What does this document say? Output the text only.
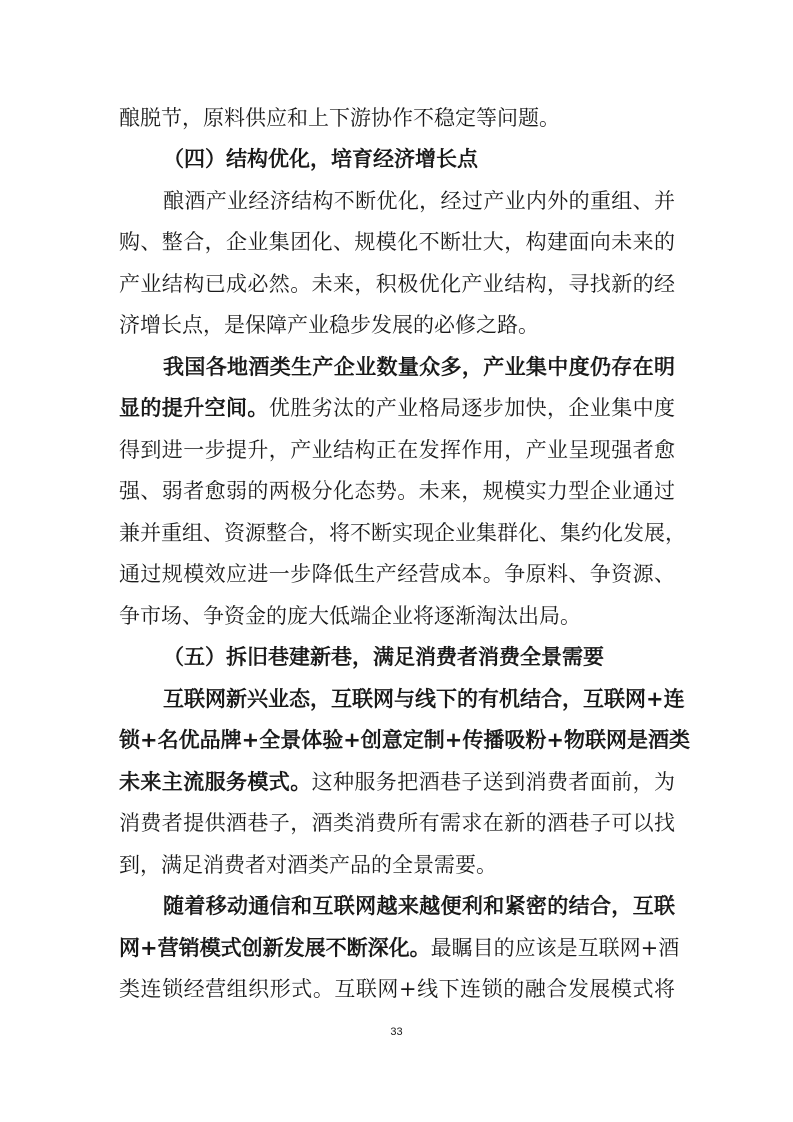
酿脱节，原料供应和上下游协作不稳定等问题。
（四）结构优化，培育经济增长点
酿酒产业经济结构不断优化，经过产业内外的重组、并
购、整合，企业集团化、规模化不断壮大，构建面向未来的
产业结构已成必然。未来，积极优化产业结构，寻找新的经
济增长点，是保障产业稳步发展的必修之路。
我国各地酒类生产企业数量众多，产业集中度仍存在明
显的提升空间。优胜劣汰的产业格局逐步加快，企业集中度
得到进一步提升，产业结构正在发挥作用，产业呈现强者愈
强、弱者愈弱的两极分化态势。未来，规模实力型企业通过
兼并重组、资源整合，将不断实现企业集群化、集约化发展，
通过规模效应进一步降低生产经营成本。争原料、争资源、
争市场、争资金的庞大低端企业将逐渐淘汰出局。
（五）拆旧巷建新巷，满足消费者消费全景需要
互联网新兴业态，互联网与线下的有机结合，互联网+连
锁+名优品牌+全景体验+创意定制+传播吸粉+物联网是酒类
未来主流服务模式。这种服务把酒巷子送到消费者面前，为
消费者提供酒巷子，酒类消费所有需求在新的酒巷子可以找
到，满足消费者对酒类产品的全景需要。
随着移动通信和互联网越来越便利和紧密的结合，互联
网+营销模式创新发展不断深化。最瞩目的应该是互联网+酒
类连锁经营组织形式。互联网+线下连锁的融合发展模式将
33
